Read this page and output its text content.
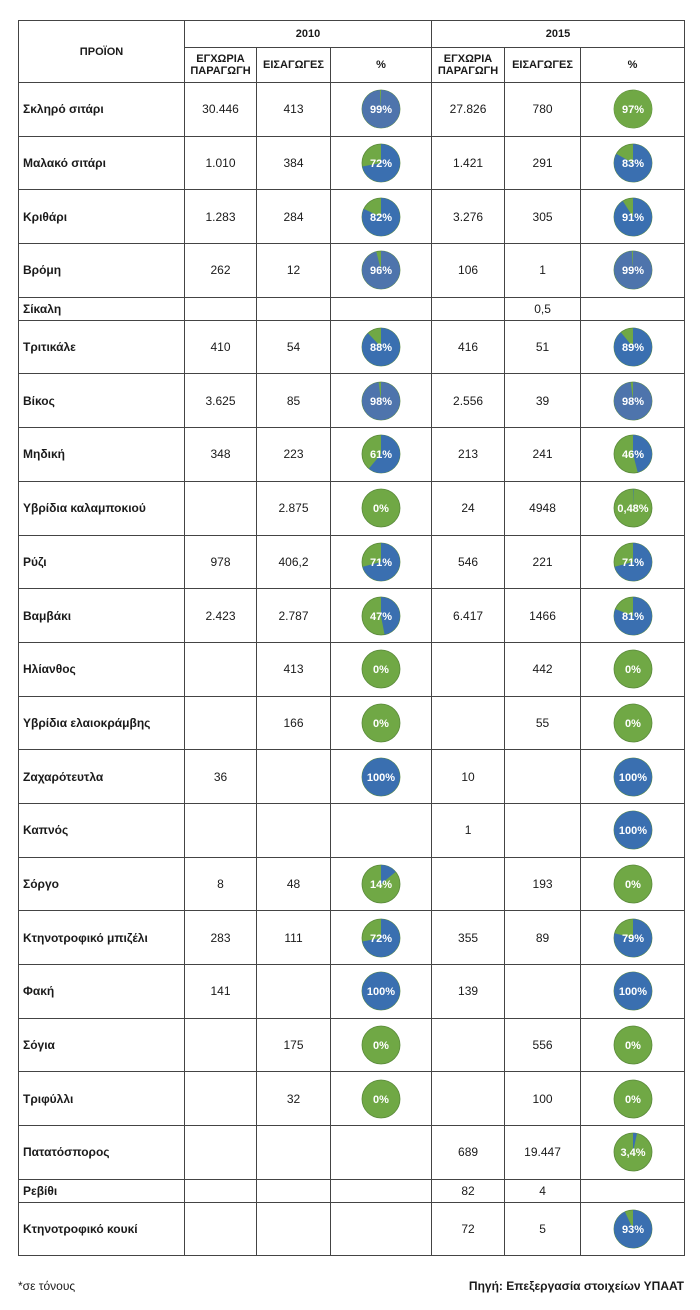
ΠΡΟΪΟΝ	2010			2015		
	ΕΓΧΩΡΙΑ ΠΑΡΑΓΩΓΗ	ΕΙΣΑΓΩΓΕΣ	%	ΕΓΧΩΡΙΑ ΠΑΡΑΓΩΓΗ	ΕΙΣΑΓΩΓΕΣ	%
Σκληρό σιτάρι	30.446	413	99%	27.826	780	97%

Μαλακό σιτάρι	1.010	384	72%	1.421	291	83%

Κριθάρι	1.283	284	82%	3.276	305	91%

Βρόμη	262	12	96%	106	1	99%

Σίκαλη					0,5	
Τριτικάλε	410	54	88%	416	51	89%

Βίκος	3.625	85	98%	2.556	39	98%

Μηδική	348	223	61%	213	241	46%

Υβρίδια καλαμποκιού		2.875	0%	24	4948	0,48%

Ρύζι	978	406,2	71%	546	221	71%

Βαμβάκι	2.423	2.787	47%	6.417	1466	81%

Ηλίανθος		413	0%		442	0%

Υβρίδια ελαιοκράμβης		166	0%		55	0%

Ζαχαρότευτλα	36		100%	10		100%

Καπνός				1		100%

Σόργο	8	48	14%		193	0%

Κτηνοτροφικό μπιζέλι	283	111	72%	355	89	79%

Φακή	141		100%	139		100%

Σόγια		175	0%		556	0%

Τριφύλλι		32	0%		100	0%

Πατατόσπορος				689	19.447	3,4%

Ρεβίθι				82	4	
Κτηνοτροφικό κουκί				72	5	93%
*σε τόνους	Πηγή: Επεξεργασία στοιχείων ΥΠΑΑΤ
